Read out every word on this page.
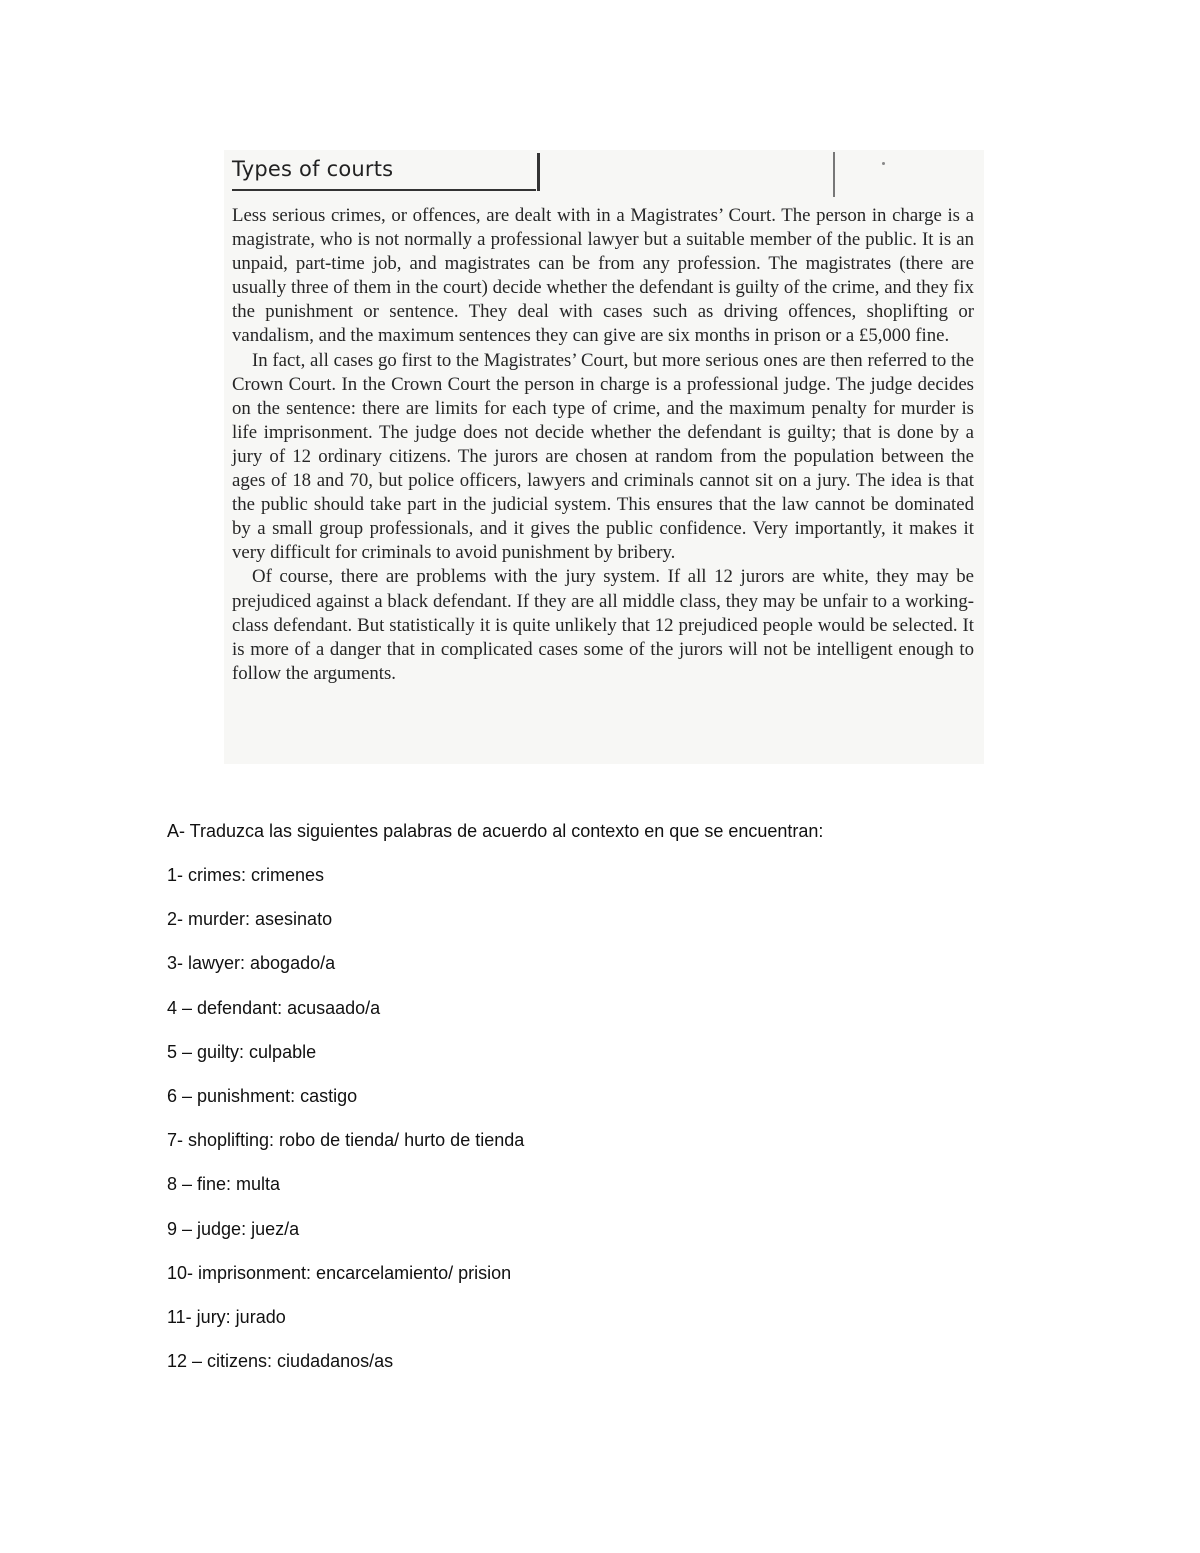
Types of courts

Less serious crimes, or offences, are dealt with in a Magistrates’ Court. The person in charge is a magistrate, who is not normally a professional lawyer but a suitable member of the public. It is an unpaid, part-time job, and magistrates can be from any profession. The magistrates (there are usually three of them in the court) decide whether the defendant is guilty of the crime, and they fix the punishment or sentence. They deal with cases such as driving offences, shoplifting or vandalism, and the maximum sentences they can give are six months in prison or a £5,000 fine.

In fact, all cases go first to the Magistrates’ Court, but more serious ones are then referred to the Crown Court. In the Crown Court the person in charge is a professional judge. The judge decides on the sentence: there are limits for each type of crime, and the maximum penalty for murder is life imprisonment. The judge does not decide whether the defendant is guilty; that is done by a jury of 12 ordinary citizens. The jurors are chosen at random from the population between the ages of 18 and 70, but police officers, lawyers and criminals cannot sit on a jury. The idea is that the public should take part in the judicial system. This ensures that the law cannot be dominated by a small group professionals, and it gives the public confidence. Very importantly, it makes it very difficult for criminals to avoid punishment by bribery.

Of course, there are problems with the jury system. If all 12 jurors are white, they may be prejudiced against a black defendant. If they are all middle class, they may be unfair to a working-class defendant. But statistically it is quite unlikely that 12 prejudiced people would be selected. It is more of a danger that in complicated cases some of the jurors will not be intelligent enough to follow the arguments.

A- Traduzca las siguientes palabras de acuerdo al contexto en que se encuentran:

1- crimes: crimenes
2- murder: asesinato
3- lawyer: abogado/a
4 – defendant: acusaado/a
5 – guilty: culpable
6 – punishment: castigo
7- shoplifting: robo de tienda/ hurto de tienda
8 – fine: multa
9 – judge: juez/a
10- imprisonment: encarcelamiento/ prision
11- jury: jurado
12 – citizens: ciudadanos/as
